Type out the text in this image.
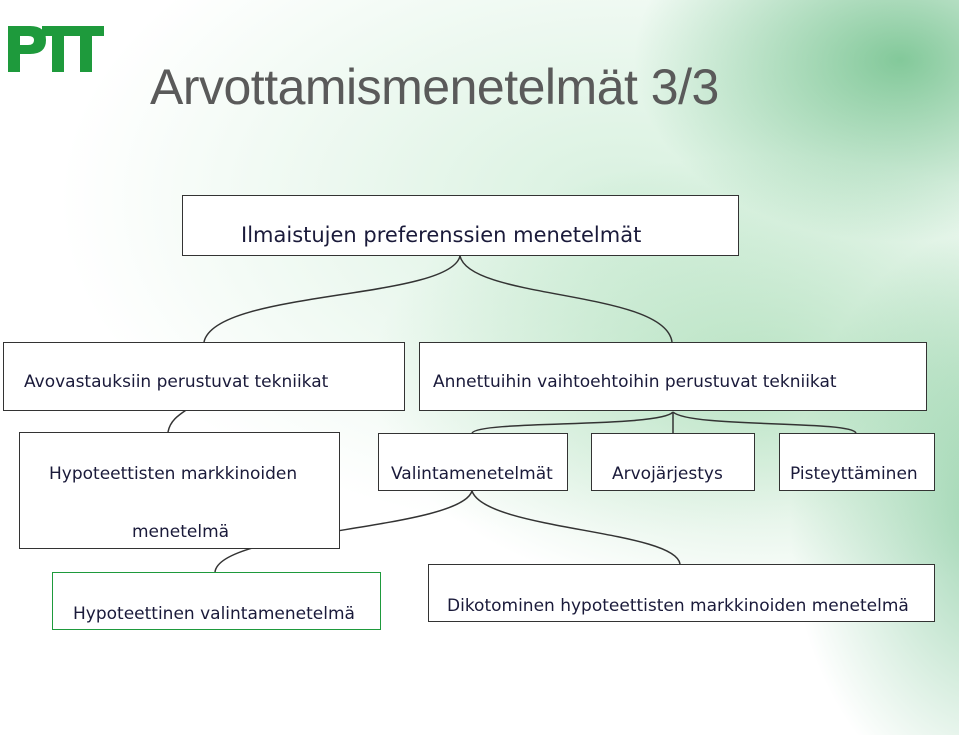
Arvottamismenetelmät 3/3
Ilmaistujen preferenssien menetelmät
Avovastauksiin perustuvat tekniikat	Annettuihin vaihtoehtoihin perustuvat tekniikat
Hypoteettisten markkinoiden
menetelmä
Valintamenetelmät	Arvojärjestys	Pisteyttäminen
Hypoteettinen valintamenetelmä	Dikotominen hypoteettisten markkinoiden menetelmä
